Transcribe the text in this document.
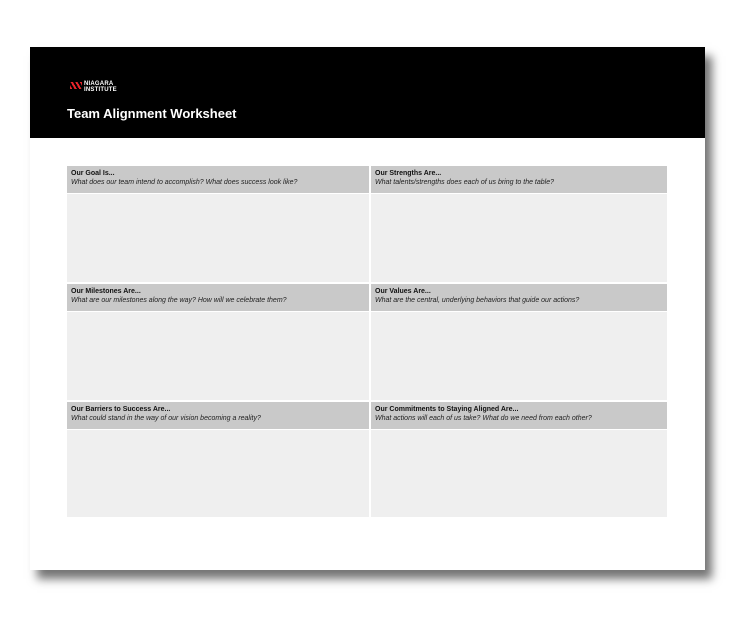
NIAGARA
INSTITUTE
Team Alignment Worksheet
Our Goal Is...
What does our team intend to accomplish? What does success look like?
Our Strengths Are...
What talents/strengths does each of us bring to the table?
Our Milestones Are...
What are our milestones along the way? How will we celebrate them?
Our Values Are...
What are the central, underlying behaviors that guide our actions?
Our Barriers to Success Are...
What could stand in the way of our vision becoming a reality?
Our Commitments to Staying Aligned Are...
What actions will each of us take? What do we need from each other?
